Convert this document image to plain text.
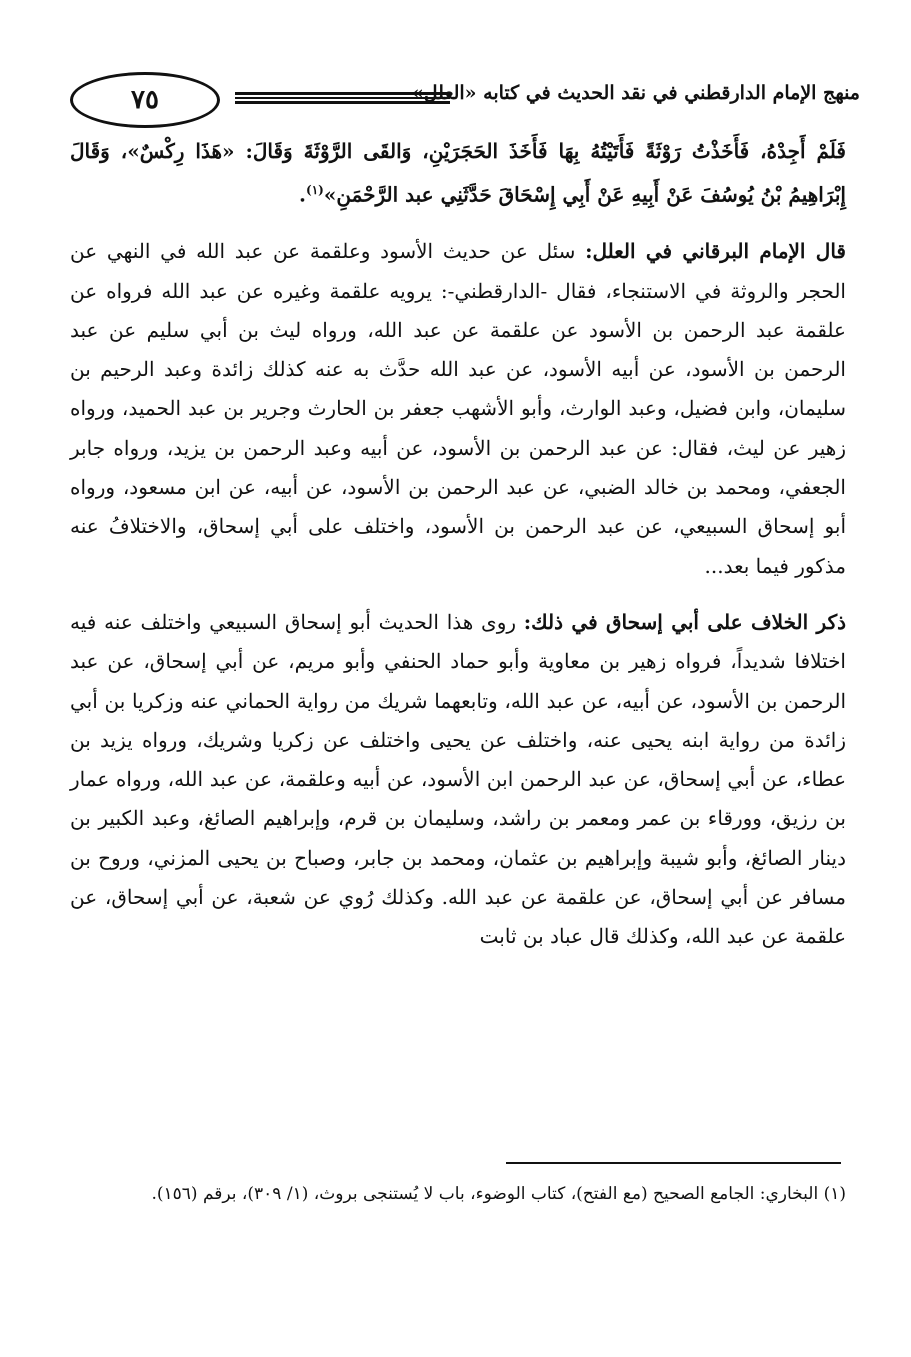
٧٥	منهج الإمام الدارقطني في نقد الحديث في كتابه «العلل»

فَلَمْ أَجِدْهُ، فَأَخَذْتُ رَوْثَةً فَأَتَيْتُهُ بِهَا فَأَخَذَ الحَجَرَيْنِ، وَالقَى الرَّوْثَةَ وَقَالَ: «هَذَا رِكْسٌ»، وَقَالَ إِبْرَاهِيمُ بْنُ يُوسُفَ عَنْ أَبِيهِ عَنْ أَبِي إِسْحَاقَ حَدَّثَنِي عبد الرَّحْمَنِ»$^{(١)}$.

قال الإمام البرقاني في العلل: سئل عن حديث الأسود وعلقمة عن عبد الله في النهي عن الحجر والروثة في الاستنجاء، فقال -الدارقطني-: يرويه علقمة وغيره عن عبد الله فرواه عن علقمة عبد الرحمن بن الأسود عن علقمة عن عبد الله، ورواه ليث بن أبي سليم عن عبد الرحمن بن الأسود، عن أبيه الأسود، عن عبد الله حدَّث به عنه كذلك زائدة وعبد الرحيم بن سليمان، وابن فضيل، وعبد الوارث، وأبو الأشهب جعفر بن الحارث وجرير بن عبد الحميد، ورواه زهير عن ليث، فقال: عن عبد الرحمن بن الأسود، عن أبيه وعبد الرحمن بن يزيد، ورواه جابر الجعفي، ومحمد بن خالد الضبي، عن عبد الرحمن بن الأسود، عن أبيه، عن ابن مسعود، ورواه أبو إسحاق السبيعي، عن عبد الرحمن بن الأسود، واختلف على أبي إسحاق، والاختلافُ عنه مذكور فيما بعد...

ذكر الخلاف على أبي إسحاق في ذلك: روى هذا الحديث أبو إسحاق السبيعي واختلف عنه فيه اختلافا شديداً، فرواه زهير بن معاوية وأبو حماد الحنفي وأبو مريم، عن أبي إسحاق، عن عبد الرحمن بن الأسود، عن أبيه، عن عبد الله، وتابعهما شريك من رواية الحماني عنه وزكريا بن أبي زائدة من رواية ابنه يحيى عنه، واختلف عن يحيى واختلف عن زكريا وشريك، ورواه يزيد بن عطاء، عن أبي إسحاق، عن عبد الرحمن ابن الأسود، عن أبيه وعلقمة، عن عبد الله، ورواه عمار بن رزيق، وورقاء بن عمر ومعمر بن راشد، وسليمان بن قرم، وإبراهيم الصائغ، وعبد الكبير بن دينار الصائغ، وأبو شيبة وإبراهيم بن عثمان، ومحمد بن جابر، وصباح بن يحيى المزني، وروح بن مسافر عن أبي إسحاق، عن علقمة عن عبد الله. وكذلك رُوي عن شعبة، عن أبي إسحاق، عن علقمة عن عبد الله، وكذلك قال عباد بن ثابت

(١) البخاري: الجامع الصحيح (مع الفتح)، كتاب الوضوء، باب لا يُستنجى بروث، (١/ ٣٠٩)، برقم (١٥٦).
